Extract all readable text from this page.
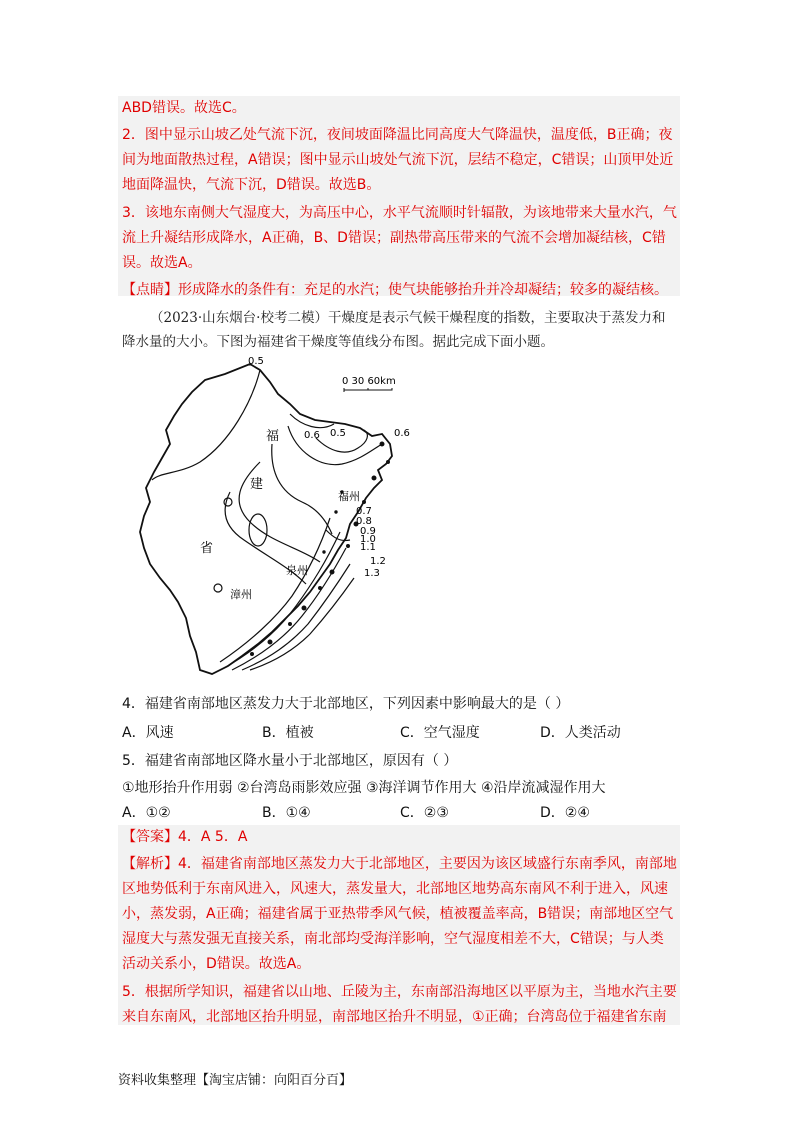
ABD错误。故选C。
2．图中显示山坡乙处气流下沉，夜间坡面降温比同高度大气降温快，温度低，B正确；夜
间为地面散热过程，A错误；图中显示山坡处气流下沉，层结不稳定，C错误；山顶甲处近
地面降温快，气流下沉，D错误。故选B。
3．该地东南侧大气湿度大，为高压中心，水平气流顺时针辐散，为该地带来大量水汽，气
流上升凝结形成降水，A正确，B、D错误；副热带高压带来的气流不会增加凝结核，C错
误。故选A。
【点睛】形成降水的条件有：充足的水汽；使气块能够抬升并冷却凝结；较多的凝结核。
（2023·山东烟台·校考二模）干燥度是表示气候干燥程度的指数，主要取决于蒸发力和
降水量的大小。下图为福建省干燥度等值线分布图。据此完成下面小题。
0 30 60km
福
建
省
福州
泉州
漳州
0.5
0.6 0.5	0.6
0.7
0.8
0.9
1.0
1.1
1.2
1.3
4．福建省南部地区蒸发力大于北部地区，下列因素中影响最大的是（ ）
A．风速	B．植被	C．空气湿度	D．人类活动
5．福建省南部地区降水量小于北部地区，原因有（ ）
①地形抬升作用弱 ②台湾岛雨影效应强 ③海洋调节作用大 ④沿岸流减湿作用大
A．①②	B．①④	C．②③	D．②④
【答案】4．A 5．A
【解析】4．福建省南部地区蒸发力大于北部地区，主要因为该区域盛行东南季风，南部地
区地势低利于东南风进入，风速大，蒸发量大，北部地区地势高东南风不利于进入，风速
小，蒸发弱，A正确；福建省属于亚热带季风气候，植被覆盖率高，B错误；南部地区空气
湿度大与蒸发强无直接关系，南北部均受海洋影响，空气湿度相差不大，C错误；与人类
活动关系小，D错误。故选A。
5．根据所学知识，福建省以山地、丘陵为主，东南部沿海地区以平原为主，当地水汽主要
来自东南风，北部地区抬升明显，南部地区抬升不明显，①正确；台湾岛位于福建省东南
资料收集整理【淘宝店铺：向阳百分百】
